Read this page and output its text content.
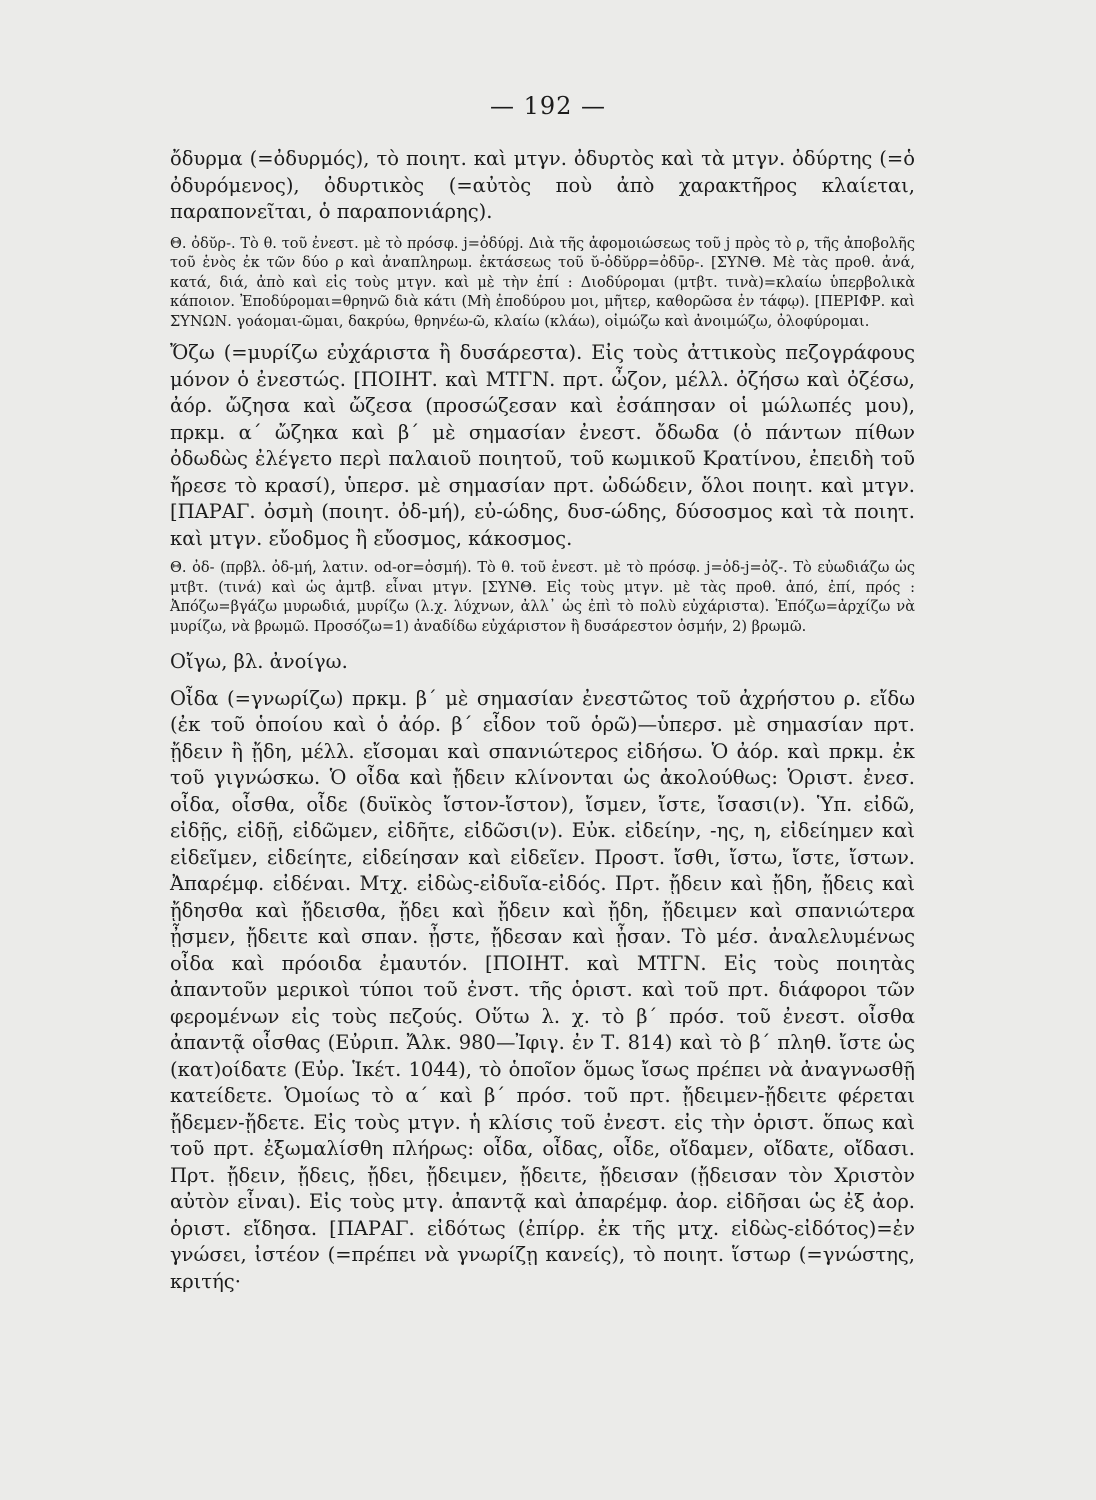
— 192 —

ὄδυρμα (=ὀδυρμός), τὸ ποιητ. καὶ μτγν. ὀδυρτὸς καὶ τὰ μτγν. ὀδύρτης (=ὁ ὀδυρόμενος), ὀδυρτικὸς (=αὐτὸς ποὺ ἀπὸ χαρακτῆρος κλαίεται, παραπονεῖται, ὁ παραπονιάρης).

Θ. ὀδῠρ-. Τὸ θ. τοῦ ἐνεστ. μὲ τὸ πρόσφ. j=ὀδύρj. Διὰ τῆς ἀφομοιώσεως τοῦ j πρὸς τὸ ρ, τῆς ἀποβολῆς τοῦ ἑνὸς ἐκ τῶν δύο ρ καὶ ἀναπληρωμ. ἐκτάσεως τοῦ ῠ-ὀδῠρρ=ὀδῡρ-. [ΣΥΝΘ. Μὲ τὰς προθ. ἀνά, κατά, διά, ἀπὸ καὶ εἰς τοὺς μτγν. καὶ μὲ τὴν ἐπί : Διοδύρομαι (μτβτ. τινὰ)=κλαίω ὑπερβολικὰ κάποιον. Ἐποδύρομαι=θρηνῶ διὰ κάτι (Μὴ ἐποδύρου μοι, μῆτερ, καθορῶσα ἐν τάφῳ). [ΠΕΡΙΦΡ. καὶ ΣΥΝΩΝ. γοάομαι-ῶμαι, δακρύω, θρηνέω-ῶ, κλαίω (κλάω), οἰμώζω καὶ ἀνοιμώζω, ὀλοφύρομαι.

Ὄζω (=μυρίζω εὐχάριστα ἢ δυσάρεστα). Εἰς τοὺς ἀττικοὺς πεζογράφους μόνον ὁ ἐνεστώς. [ΠΟΙΗΤ. καὶ ΜΤΓΝ. πρτ. ὦζον, μέλλ. ὀζήσω καὶ ὀζέσω, ἀόρ. ὤζησα καὶ ὤζεσα (προσώζεσαν καὶ ἐσάπησαν οἱ μώλωπές μου), πρκμ. α΄ ὤζηκα καὶ β΄ μὲ σημασίαν ἐνεστ. ὄδωδα (ὁ πάντων πίθων ὀδωδὼς ἐλέγετο περὶ παλαιοῦ ποιητοῦ, τοῦ κωμικοῦ Κρατίνου, ἐπειδὴ τοῦ ἤρεσε τὸ κρασί), ὑπερσ. μὲ σημασίαν πρτ. ὠδώδειν, ὅλοι ποιητ. καὶ μτγν. [ΠΑΡΑΓ. ὀσμὴ (ποιητ. ὀδ-μή), εὐ-ώδης, δυσ-ώδης, δύσοσμος καὶ τὰ ποιητ. καὶ μτγν. εὔοδμος ἢ εὔοσμος, κάκοσμος.

Θ. ὀδ- (πρβλ. ὀδ-μή, λατιν. od-or=ὀσμή). Τὸ θ. τοῦ ἐνεστ. μὲ τὸ πρόσφ. j=ὀδ-j=ὀζ-. Τὸ εὐωδιάζω ὡς μτβτ. (τινά) καὶ ὡς ἀμτβ. εἶναι μτγν. [ΣΥΝΘ. Εἰς τοὺς μτγν. μὲ τὰς προθ. ἀπό, ἐπί, πρός : Ἀπόζω=βγάζω μυρωδιά, μυρίζω (λ.χ. λύχνων, ἀλλ᾿ ὡς ἐπὶ τὸ πολὺ εὐχάριστα). Ἐπόζω=ἀρχίζω νὰ μυρίζω, νὰ βρωμῶ. Προσόζω=1) ἀναδίδω εὐχάριστον ἢ δυσάρεστον ὀσμήν, 2) βρωμῶ.

Οἴγω, βλ. ἀνοίγω.

Οἶδα (=γνωρίζω) πρκμ. β΄ μὲ σημασίαν ἐνεστῶτος τοῦ ἀχρήστου ρ. εἴδω (ἐκ τοῦ ὁποίου καὶ ὁ ἀόρ. β΄ εἶδον τοῦ ὁρῶ)—ὑπερσ. μὲ σημασίαν πρτ. ᾔδειν ἢ ᾔδη, μέλλ. εἴσομαι καὶ σπανιώτερος εἰδήσω. Ὁ ἀόρ. καὶ πρκμ. ἐκ τοῦ γιγνώσκω. Ὁ οἶδα καὶ ᾔδειν κλίνονται ὡς ἀκολούθως: Ὁριστ. ἐνεσ. οἶδα, οἶσθα, οἶδε (δυϊκὸς ἴστον-ἴστον), ἴσμεν, ἴστε, ἴσασι(ν). Ὑπ. εἰδῶ, εἰδῇς, εἰδῇ, εἰδῶμεν, εἰδῆτε, εἰδῶσι(ν). Εὐκ. εἰδείην, -ης, η, εἰδείημεν καὶ εἰδεῖμεν, εἰδείητε, εἰδείησαν καὶ εἰδεῖεν. Προστ. ἴσθι, ἴστω, ἴστε, ἴστων. Ἀπαρέμφ. εἰδέναι. Μτχ. εἰδὼς-εἰδυῖα-εἰδός. Πρτ. ᾔδειν καὶ ᾔδη, ᾔδεις καὶ ᾔδησθα καὶ ᾔδεισθα, ᾔδει καὶ ᾔδειν καὶ ᾔδη, ᾔδειμεν καὶ σπανιώτερα ᾖσμεν, ᾔδειτε καὶ σπαν. ᾖστε, ᾔδεσαν καὶ ᾖσαν. Τὸ μέσ. ἀναλελυμένως οἶδα καὶ πρόοιδα ἐμαυτόν. [ΠΟΙΗΤ. καὶ ΜΤΓΝ. Εἰς τοὺς ποιητὰς ἀπαντοῦν μερικοὶ τύποι τοῦ ἐνστ. τῆς ὁριστ. καὶ τοῦ πρτ. διάφοροι τῶν φερομένων εἰς τοὺς πεζούς. Οὕτω λ. χ. τὸ β΄ πρόσ. τοῦ ἐνεστ. οἶσθα ἀπαντᾷ οἶσθας (Εὐριπ. Ἄλκ. 980—Ἰφιγ. ἐν Τ. 814) καὶ τὸ β΄ πληθ. ἴστε ὡς (κατ)οίδατε (Εὐρ. Ἱκέτ. 1044), τὸ ὁποῖον ὅμως ἴσως πρέπει νὰ ἀναγνωσθῇ κατείδετε. Ὁμοίως τὸ α΄ καὶ β΄ πρόσ. τοῦ πρτ. ᾔδειμεν-ᾔδειτε φέρεται ᾔδεμεν-ᾔδετε. Εἰς τοὺς μτγν. ἡ κλίσις τοῦ ἐνεστ. εἰς τὴν ὁριστ. ὅπως καὶ τοῦ πρτ. ἐξωμαλίσθη πλήρως: οἶδα, οἶδας, οἶδε, οἴδαμεν, οἴδατε, οἴδασι. Πρτ. ᾔδειν, ᾔδεις, ᾔδει, ᾔδειμεν, ᾔδειτε, ᾔδεισαν (ᾔδεισαν τὸν Χριστὸν αὐτὸν εἶναι). Εἰς τοὺς μτγ. ἀπαντᾷ καὶ ἀπαρέμφ. ἀορ. εἰδῆσαι ὡς ἐξ ἀορ. ὁριστ. εἴδησα. [ΠΑΡΑΓ. εἰδότως (ἐπίρρ. ἐκ τῆς μτχ. εἰδὼς-εἰδότος)=ἐν γνώσει, ἰστέον (=πρέπει νὰ γνωρίζῃ κανείς), τὸ ποιητ. ἵστωρ (=γνώστης, κριτής·
